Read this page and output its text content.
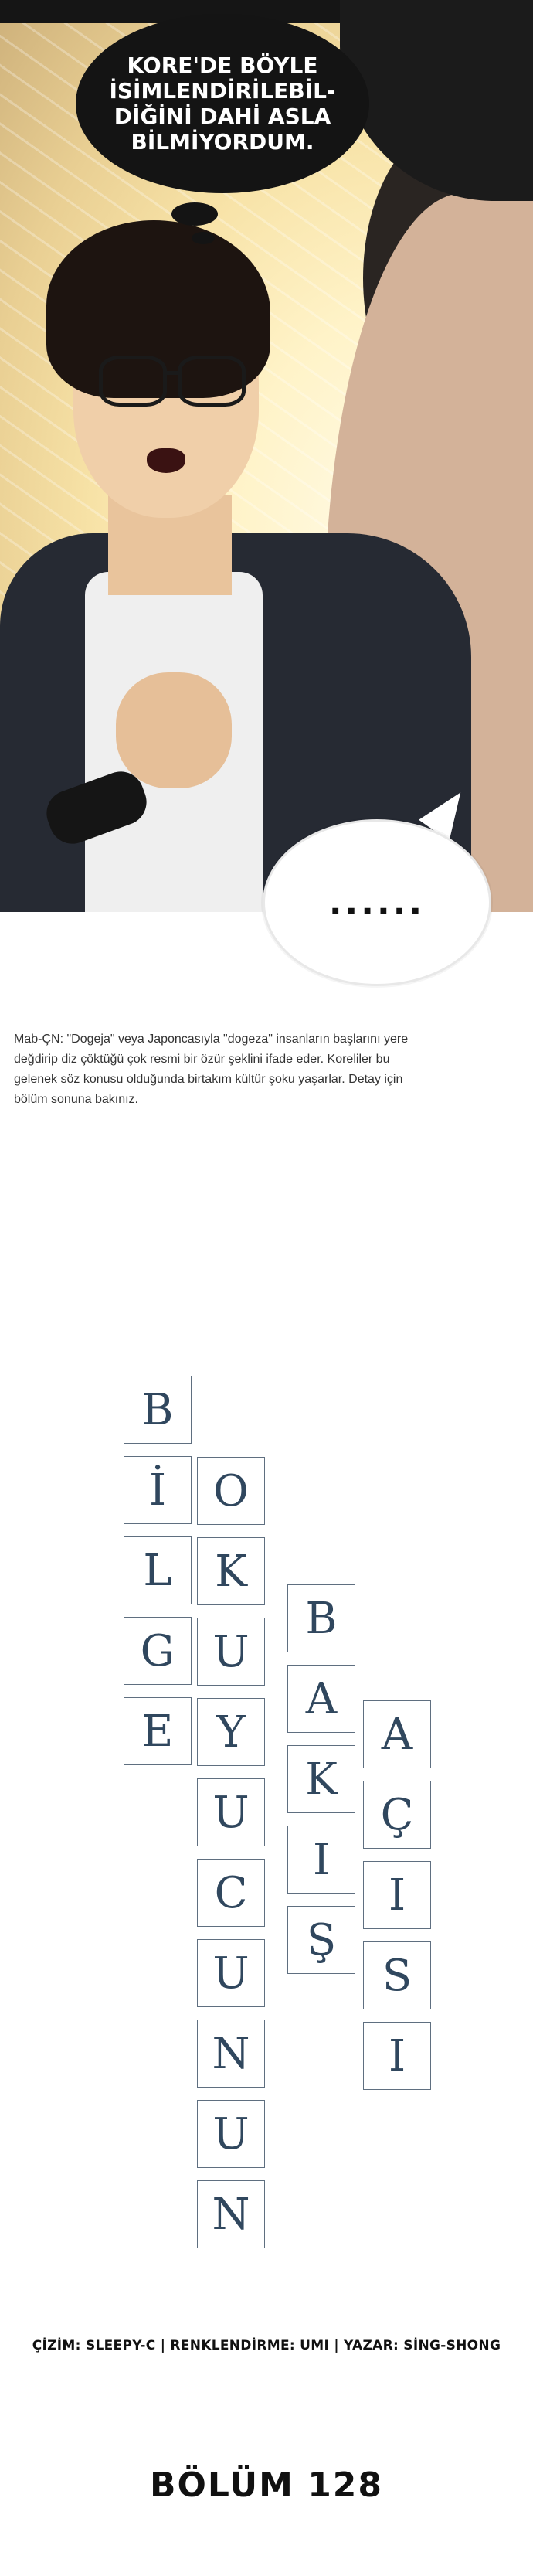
KORE'DE BÖYLE İSİMLENDİRİLEBİL-DİĞİNİ DAHİ ASLA BİLMİYORDUM.
......
Mab-ÇN: "Dogeja" veya Japoncasıyla "dogeza" insanların başlarını yere değdirip diz çöktüğü çok resmi bir özür şeklini ifade eder. Koreliler bu gelenek söz konusu olduğunda birtakım kültür şoku yaşarlar. Detay için bölüm sonuna bakınız.
B
İ
L
G
E
O
K
U
Y
U
C
U
N
U
N
B
A
K
I
Ş
A
Ç
I
S
I
ÇİZİM: SLEEPY-C | RENKLENDİRME: UMI | YAZAR: SİNG-SHONG
BÖLÜM 128
